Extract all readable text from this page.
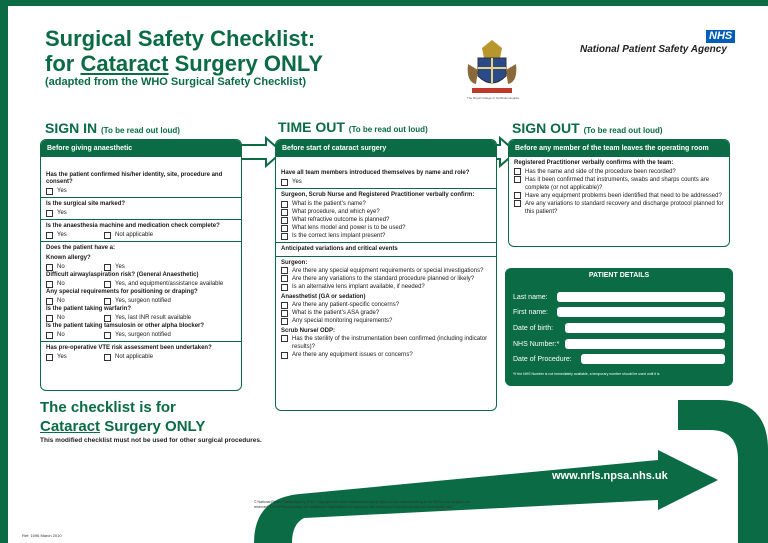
Surgical Safety Checklist:
for Cataract Surgery ONLY
(adapted from the WHO Surgical Safety Checklist)
The Royal College of Ophthalmologists
NHS
National Patient Safety Agency
SIGN IN (To be read out loud)	TIME OUT (To be read out loud)	SIGN OUT (To be read out loud)
Before giving anaesthetic
Has the patient confirmed his/her identity, site, procedure and consent?
Yes
Is the surgical site marked?
Yes
Is the anaesthesia machine and medication check complete?
Yes	Not applicable
Does the patient have a:
Known allergy?
No	Yes
Difficult airway/aspiration risk? (General Anaesthetic)
No	Yes, and equipment/assistance available
Any special requirements for positioning or draping?
No	Yes, surgeon notified
Is the patient taking warfarin?
No	Yes, last INR result available
Is the patient taking tamsulosin or other alpha blocker?
No	Yes, surgeon notified
Has pre-operative VTE risk assessment been undertaken?
Yes	Not applicable
Before start of cataract surgery
Have all team members introduced themselves by name and role?
Yes
Surgeon, Scrub Nurse and Registered Practitioner verbally confirm:
What is the patient's name?
What procedure, and which eye?
What refractive outcome is planned?
What lens model and power is to be used?
Is the correct lens implant present?
Anticipated variations and critical events
Surgeon:
Are there any special equipment requirements or special investigations?
Are there any variations to the standard procedure planned or likely?
Is an alternative lens implant available, if needed?
Anaesthetist (GA or sedation)
Are there any patient-specific concerns?
What is the patient's ASA grade?
Any special monitoring requirements?
Scrub Nurse/ ODP:
Has the sterility of the instrumentation been confirmed (including indicator results)?
Are there any equipment issues or concerns?
Before any member of the team leaves the operating room
Registered Practitioner verbally confirms with the team:
Has the name and side of the procedure been recorded?
Has it been confirmed that instruments, swabs and sharps counts are complete (or not applicable)?
Have any equipment problems been identified that need to be addressed?
Are any variations to standard recovery and discharge protocol planned for this patient?
PATIENT DETAILS
Last name:
First name:
Date of birth:
NHS Number:*
Date of Procedure:
*If the NHS Number is not immediately available, a temporary number should be used until it is
The checklist is for
Cataract Surgery ONLY
This modified checklist must not be used for other surgical procedures.
www.nrls.npsa.nhs.uk
© National Patient Safety Agency 2010. Copyright and other intellectual property rights in this material belong to the NPSA and all rights are reserved. The NPSA authorises UK healthcare organisations to reproduce this material for educational and non-commercial use.
Ref: 1096 March 2010
